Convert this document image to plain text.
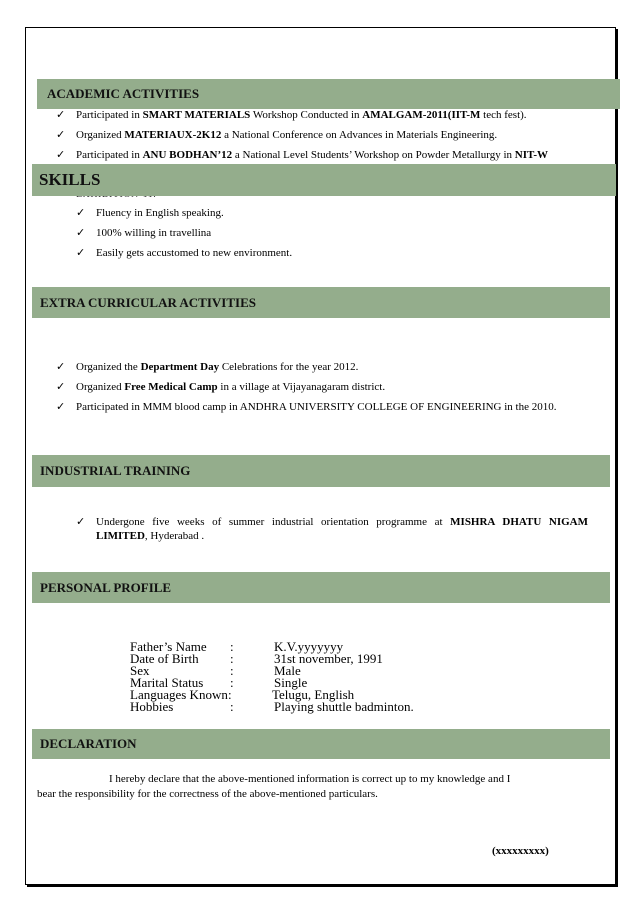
✓ Participated in SMART MATERIALS Workshop Conducted in AMALGAM-2011(IIT-M tech fest).
✓ Organized MATERIAUX-2K12 a National Conference on Advances in Materials Engineering.
✓ Participated in ANU BODHAN’12 a National Level Students’ Workshop on Powder Metallurgy in NIT-W
ACADEMIC ACTIVITIES
SKILLS
✓ Fluency in English speaking.
✓ 100% willing in travellina
✓ Easily gets accustomed to new environment.
EXTRA CURRICULAR ACTIVITIES
✓ Organized the Department Day Celebrations for the year 2012.
✓ Organized Free Medical Camp in a village at Vijayanagaram district.
✓ Participated in MMM blood camp in ANDHRA UNIVERSITY COLLEGE OF ENGINEERING in the 2010.
INDUSTRIAL TRAINING
✓ Undergone five weeks of summer industrial orientation programme at MISHRA DHATU NIGAM LIMITED, Hyderabad .
PERSONAL PROFILE
Father’s Name	:	K.V.yyyyyyy
Date of Birth	:	31st november, 1991
Sex	:	Male
Marital Status	:	Single
Languages Known :	Telugu, English
Hobbies	:	Playing shuttle badminton.
DECLARATION
I hereby declare that the above-mentioned information is correct up to my knowledge and I
bear the responsibility for the correctness of the above-mentioned particulars.
(xxxxxxxxx)
